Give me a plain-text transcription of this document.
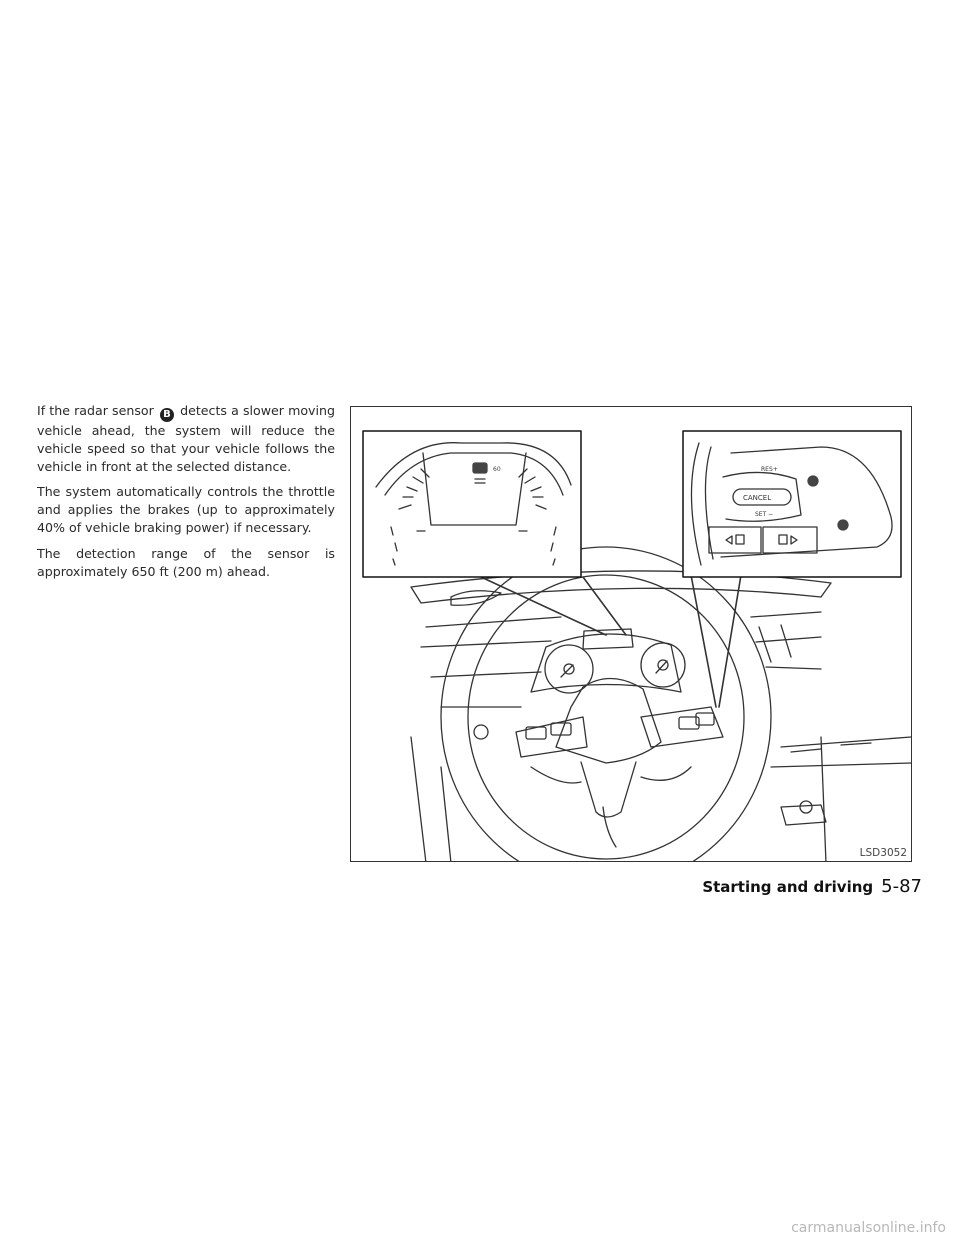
If the radar sensor B detects a slower moving vehicle ahead, the system will reduce the vehicle speed so that your vehicle follows the vehicle in front at the selected distance.

The system automatically controls the throttle and applies the brakes (up to approximately 40% of vehicle braking power) if necessary.

The detection range of the sensor is approximately 650 ft (200 m) ahead.

60	RES+
CANCEL
SET −
LSD3052
Starting and driving 5-87
carmanualsonline.info
